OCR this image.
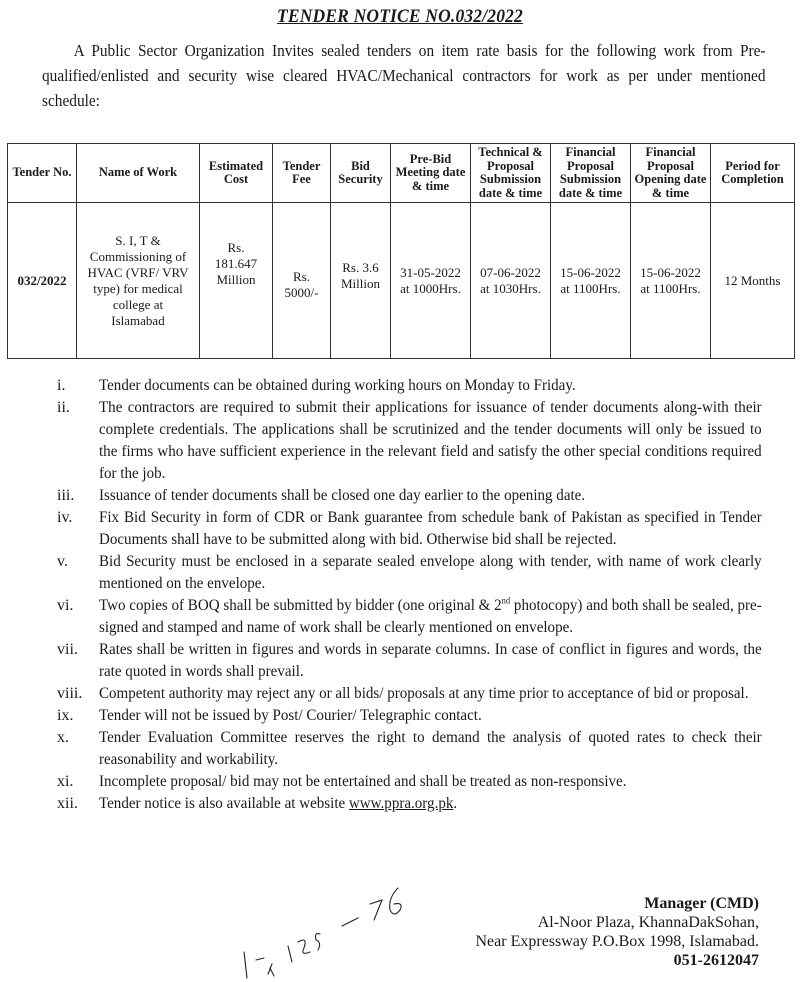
TENDER NOTICE NO.032/2022
A Public Sector Organization Invites sealed tenders on item rate basis for the following work from Pre-qualified/enlisted and security wise cleared HVAC/Mechanical contractors for work as per under mentioned schedule:
Tender No.	Name of Work	Estimated Cost	Tender Fee	Bid Security	Pre-Bid Meeting date & time	Technical & Proposal Submission date & time	Financial Proposal Submission date & time	Financial Proposal Opening date & time	Period for Completion
032/2022	S. I, T & Commissioning of HVAC (VRF/ VRV type) for medical college at Islamabad	Rs. 181.647 Million	Rs. 5000/-	Rs. 3.6 Million	31-05-2022 at 1000Hrs.	07-06-2022 at 1030Hrs.	15-06-2022 at 1100Hrs.	15-06-2022 at 1100Hrs.	12 Months
i. Tender documents can be obtained during working hours on Monday to Friday.
ii. The contractors are required to submit their applications for issuance of tender documents along-with their complete credentials. The applications shall be scrutinized and the tender documents will only be issued to the firms who have sufficient experience in the relevant field and satisfy the other special conditions required for the job.
iii. Issuance of tender documents shall be closed one day earlier to the opening date.
iv. Fix Bid Security in form of CDR or Bank guarantee from schedule bank of Pakistan as specified in Tender Documents shall have to be submitted along with bid. Otherwise bid shall be rejected.
v. Bid Security must be enclosed in a separate sealed envelope along with tender, with name of work clearly mentioned on the envelope.
vi. Two copies of BOQ shall be submitted by bidder (one original & 2nd photocopy) and both shall be sealed, pre-signed and stamped and name of work shall be clearly mentioned on envelope.
vii. Rates shall be written in figures and words in separate columns. In case of conflict in figures and words, the rate quoted in words shall prevail.
viii. Competent authority may reject any or all bids/ proposals at any time prior to acceptance of bid or proposal.
ix. Tender will not be issued by Post/ Courier/ Telegraphic contact.
x. Tender Evaluation Committee reserves the right to demand the analysis of quoted rates to check their reasonability and workability.
xi. Incomplete proposal/ bid may not be entertained and shall be treated as non-responsive.
xii. Tender notice is also available at website www.ppra.org.pk.
Manager (CMD)
Al-Noor Plaza, KhannaDakSohan,
Near Expressway P.O.Box 1998, Islamabad.
051-2612047
